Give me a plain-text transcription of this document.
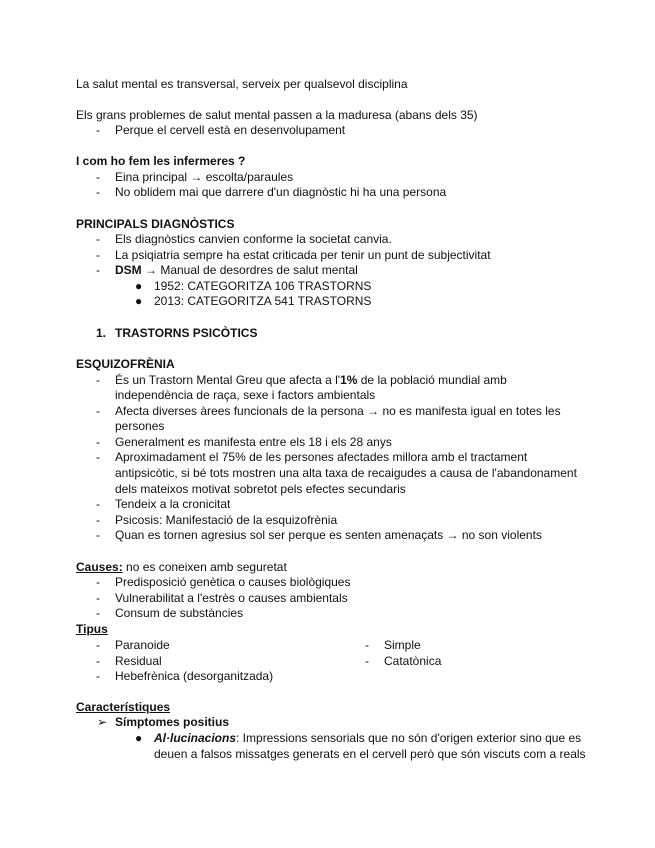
La salut mental es transversal, serveix per qualsevol disciplina
Els grans problemes de salut mental passen a la maduresa (abans dels 35)
- Perque el cervell està en desenvolupament
I com ho fem les infermeres ?
- Eina principal → escolta/paraules
- No oblidem mai que darrere d'un diagnòstic hi ha una persona
PRINCIPALS DIAGNÒSTICS
- Els diagnòstics canvien conforme la societat canvia.
- La psiqiatria sempre ha estat criticada per tenir un punt de subjectivitat
- DSM → Manual de desordres de salut mental
● 1952: CATEGORITZA 106 TRASTORNS
● 2013: CATEGORITZA 541 TRASTORNS
1. TRASTORNS PSICÒTICS
ESQUIZOFRÈNIA
- És un Trastorn Mental Greu que afecta a l'1% de la població mundial amb
independència de raça, sexe i factors ambientals
- Afecta diverses àrees funcionals de la persona → no es manifesta igual en totes les
persones
- Generalment es manifesta entre els 18 i els 28 anys
- Aproximadament el 75% de les persones afectades millora amb el tractament
antipsicòtic, si bé tots mostren una alta taxa de recaigudes a causa de l'abandonament
dels mateixos motivat sobretot pels efectes secundaris
- Tendeix a la cronicitat
- Psicosis: Manifestació de la esquizofrènia
- Quan es tornen agresius sol ser perque es senten amenaçats → no son violents
Causes: no es coneixen amb seguretat
- Predisposició genètica o causes biològiques
- Vulnerabilitat a l'estrès o causes ambientals
- Consum de substàncies
Tipus
- Paranoide	- Simple
- Residual	- Catatònica
- Hebefrènica (desorganitzada)
Característiques
➢ Símptomes positius
● Al·lucinacions: Impressions sensorials que no són d'origen exterior sino que es
deuen a falsos missatges generats en el cervell però que són viscuts com a reals
